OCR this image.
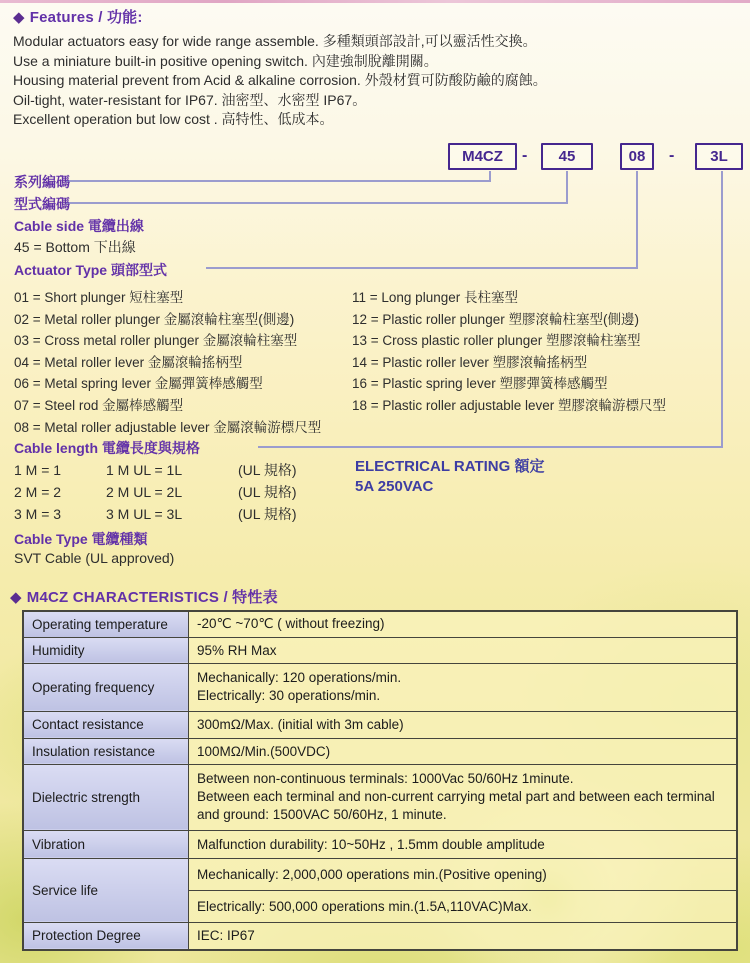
◆ Features / 功能:
Modular actuators easy for wide range assemble. 多種類頭部設計,可以靈活性交換。
Use a miniature built-in positive opening switch. 內建強制脫離開關。
Housing material prevent from Acid & alkaline corrosion. 外殼材質可防酸防鹼的腐蝕。
Oil-tight, water-resistant for IP67. 油密型、水密型 IP67。
Excellent operation but low cost . 高特性、低成本。
M4CZ	-	45	08	-	3L
系列編碼
型式編碼
Cable side 電纜出線
45 = Bottom 下出線
Actuator Type 頭部型式
01 = Short plunger 短柱塞型
02 = Metal roller plunger 金屬滾輪柱塞型(側邊)
03 = Cross metal roller plunger 金屬滾輪柱塞型
04 = Metal roller lever 金屬滾輪搖柄型
06 = Metal spring lever 金屬彈簧棒感觸型
07 = Steel rod 金屬棒感觸型
08 = Metal roller adjustable lever 金屬滾輪游標尺型
11 = Long plunger 長柱塞型
12 = Plastic roller plunger 塑膠滾輪柱塞型(側邊)
13 = Cross plastic roller plunger 塑膠滾輪柱塞型
14 = Plastic roller lever 塑膠滾輪搖柄型
16 = Plastic spring lever 塑膠彈簧棒感觸型
18 = Plastic roller adjustable lever 塑膠滾輪游標尺型
Cable length 電纜長度與規格
1 M = 1	1 M UL = 1L	(UL 規格)
2 M = 2	2 M UL = 2L	(UL 規格)
3 M = 3	3 M UL = 3L	(UL 規格)
ELECTRICAL RATING 額定
5A 250VAC
Cable Type 電纜種類
SVT Cable (UL approved)
◆ M4CZ CHARACTERISTICS / 特性表
Operating temperature	-20℃ ~70℃ ( without freezing)
Humidity	95% RH Max
Operating frequency	Mechanically: 120 operations/min.
Electrically: 30 operations/min.

Contact resistance	300mΩ/Max. (initial with 3m cable)
Insulation resistance	100MΩ/Min.(500VDC)
Dielectric strength	Between non-continuous terminals: 1000Vac 50/60Hz 1minute.
Between each terminal and non-current carrying metal part and between each terminal and ground: 1500VAC 50/60Hz, 1 minute.

Vibration	Malfunction durability: 10~50Hz , 1.5mm double amplitude
Service life	Mechanically: 2,000,000 operations min.(Positive opening)
	Electrically: 500,000 operations min.(1.5A,110VAC)Max.
Protection Degree	IEC: IP67
